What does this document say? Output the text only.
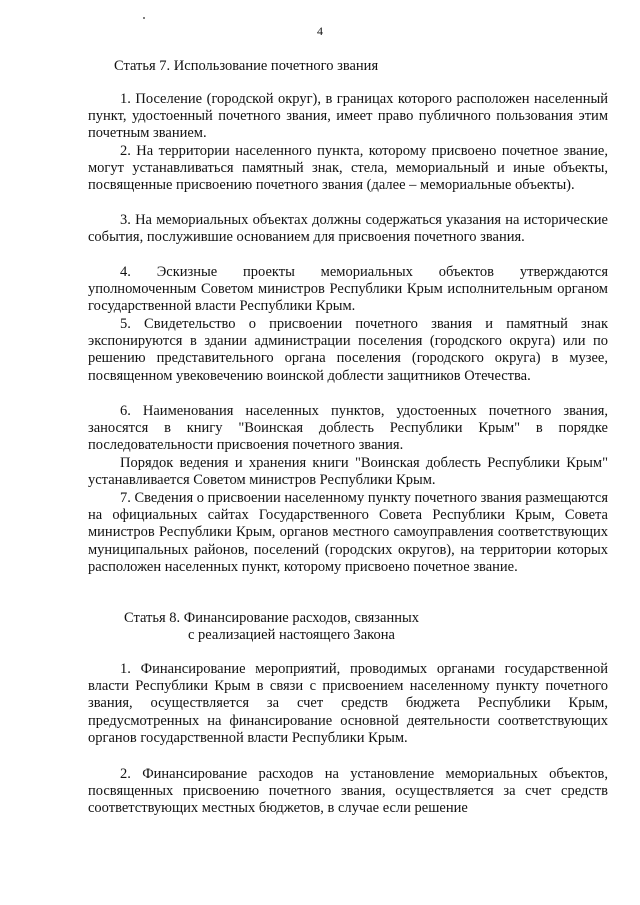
4
Статья 7. Использование почетного звания
1. Поселение (городской округ), в границах которого расположен населенный пункт, удостоенный почетного звания, имеет право публичного пользования этим почетным званием.
2. На территории населенного пункта, которому присвоено почетное звание, могут устанавливаться памятный знак, стела, мемориальный и иные объекты, посвященные присвоению почетного звания (далее – мемориальные объекты).
3. На мемориальных объектах должны содержаться указания на исторические события, послужившие основанием для присвоения почетного звания.
4. Эскизные проекты мемориальных объектов утверждаются уполномоченным Советом министров Республики Крым исполнительным органом государственной власти Республики Крым.
5. Свидетельство о присвоении почетного звания и памятный знак экспонируются в здании администрации поселения (городского округа) или по решению представительного органа поселения (городского округа) в музее, посвященном увековечению воинской доблести защитников Отечества.
6. Наименования населенных пунктов, удостоенных почетного звания, заносятся в книгу "Воинская доблесть Республики Крым" в порядке последовательности присвоения почетного звания.
Порядок ведения и хранения книги "Воинская доблесть Республики Крым" устанавливается Советом министров Республики Крым.
7. Сведения о присвоении населенному пункту почетного звания размещаются на официальных сайтах Государственного Совета Республики Крым, Совета министров Республики Крым, органов местного самоуправления соответствующих муниципальных районов, поселений (городских округов), на территории которых расположен населенных пункт, которому присвоено почетное звание.
Статья 8. Финансирование расходов, связанных
с реализацией настоящего Закона
1. Финансирование мероприятий, проводимых органами государственной власти Республики Крым в связи с присвоением населенному пункту почетного звания, осуществляется за счет средств бюджета Республики Крым, предусмотренных на финансирование основной деятельности соответствующих органов государственной власти Республики Крым.
2. Финансирование расходов на установление мемориальных объектов, посвященных присвоению почетного звания, осуществляется за счет средств соответствующих местных бюджетов, в случае если решение
